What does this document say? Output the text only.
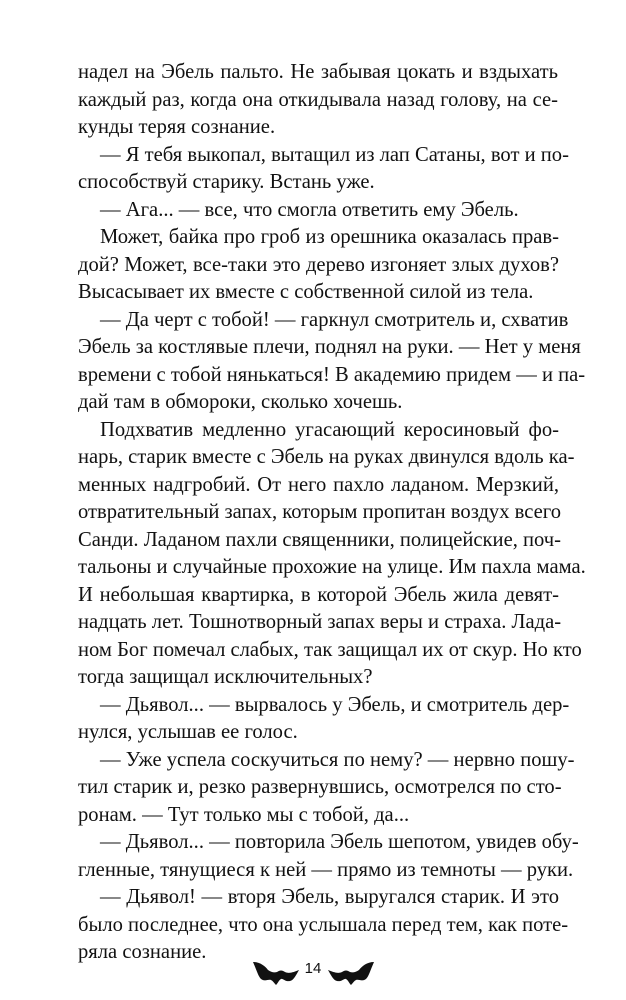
надел на Эбель пальто. Не забывая цокать и вздыхать
каждый раз, когда она откидывала назад голову, на се-
кунды теряя сознание.
— Я тебя выкопал, вытащил из лап Сатаны, вот и по-
способствуй старику. Встань уже.
— Ага... — все, что смогла ответить ему Эбель.
Может, байка про гроб из орешника оказалась прав-
дой? Может, все-таки это дерево изгоняет злых духов?
Высасывает их вместе с собственной силой из тела.
— Да черт с тобой! — гаркнул смотритель и, схватив
Эбель за костлявые плечи, поднял на руки. — Нет у меня
времени с тобой нянькаться! В академию придем — и па-
дай там в обмороки, сколько хочешь.
Подхватив медленно угасающий керосиновый фо-
нарь, старик вместе с Эбель на руках двинулся вдоль ка-
менных надгробий. От него пахло ладаном. Мерзкий,
отвратительный запах, которым пропитан воздух всего
Санди. Ладаном пахли священники, полицейские, поч-
тальоны и случайные прохожие на улице. Им пахла мама.
И небольшая квартирка, в которой Эбель жила девят-
надцать лет. Тошнотворный запах веры и страха. Лада-
ном Бог помечал слабых, так защищал их от скур. Но кто
тогда защищал исключительных?
— Дьявол... — вырвалось у Эбель, и смотритель дер-
нулся, услышав ее голос.
— Уже успела соскучиться по нему? — нервно пошу-
тил старик и, резко развернувшись, осмотрелся по сто-
ронам. — Тут только мы с тобой, да...
— Дьявол... — повторила Эбель шепотом, увидев обу-
гленные, тянущиеся к ней — прямо из темноты — руки.
— Дьявол! — вторя Эбель, выругался старик. И это
было последнее, что она услышала перед тем, как поте-
ряла сознание.
14
